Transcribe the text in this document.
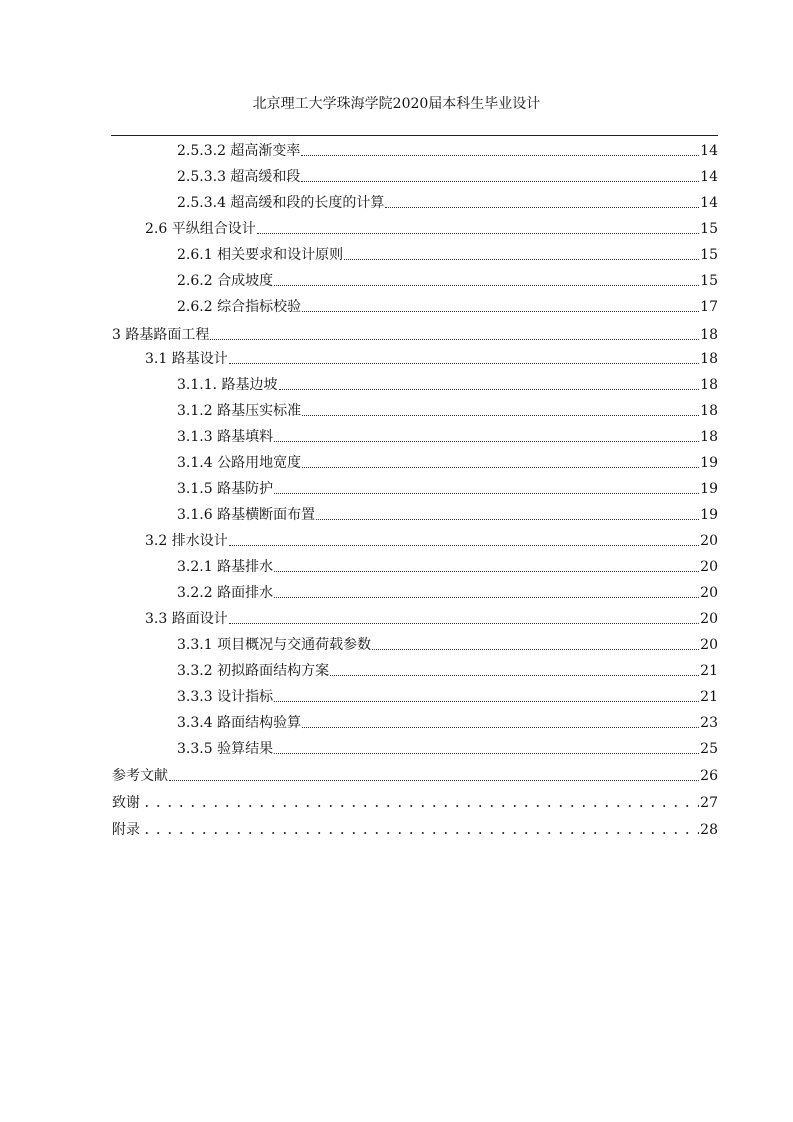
北京理工大学珠海学院2020届本科生毕业设计
2.5.3.2 超高渐变率	14
2.5.3.3 超高缓和段	14
2.5.3.4 超高缓和段的长度的计算	14
2.6 平纵组合设计	15
2.6.1 相关要求和设计原则	15
2.6.2 合成坡度	15
2.6.2 综合指标校验	17
3 路基路面工程	18
3.1 路基设计	18
3.1.1. 路基边坡	18
3.1.2 路基压实标准	18
3.1.3 路基填料	18
3.1.4 公路用地宽度	19
3.1.5 路基防护	19
3.1.6 路基横断面布置	19
3.2 排水设计	20
3.2.1 路基排水	20
3.2.2 路面排水	20
3.3 路面设计	20
3.3.1 项目概况与交通荷载参数	20
3.3.2 初拟路面结构方案	21
3.3.3 设计指标	21
3.3.4 路面结构验算	23
3.3.5 验算结果	25
参考文献	26
致谢	27
附录	28
